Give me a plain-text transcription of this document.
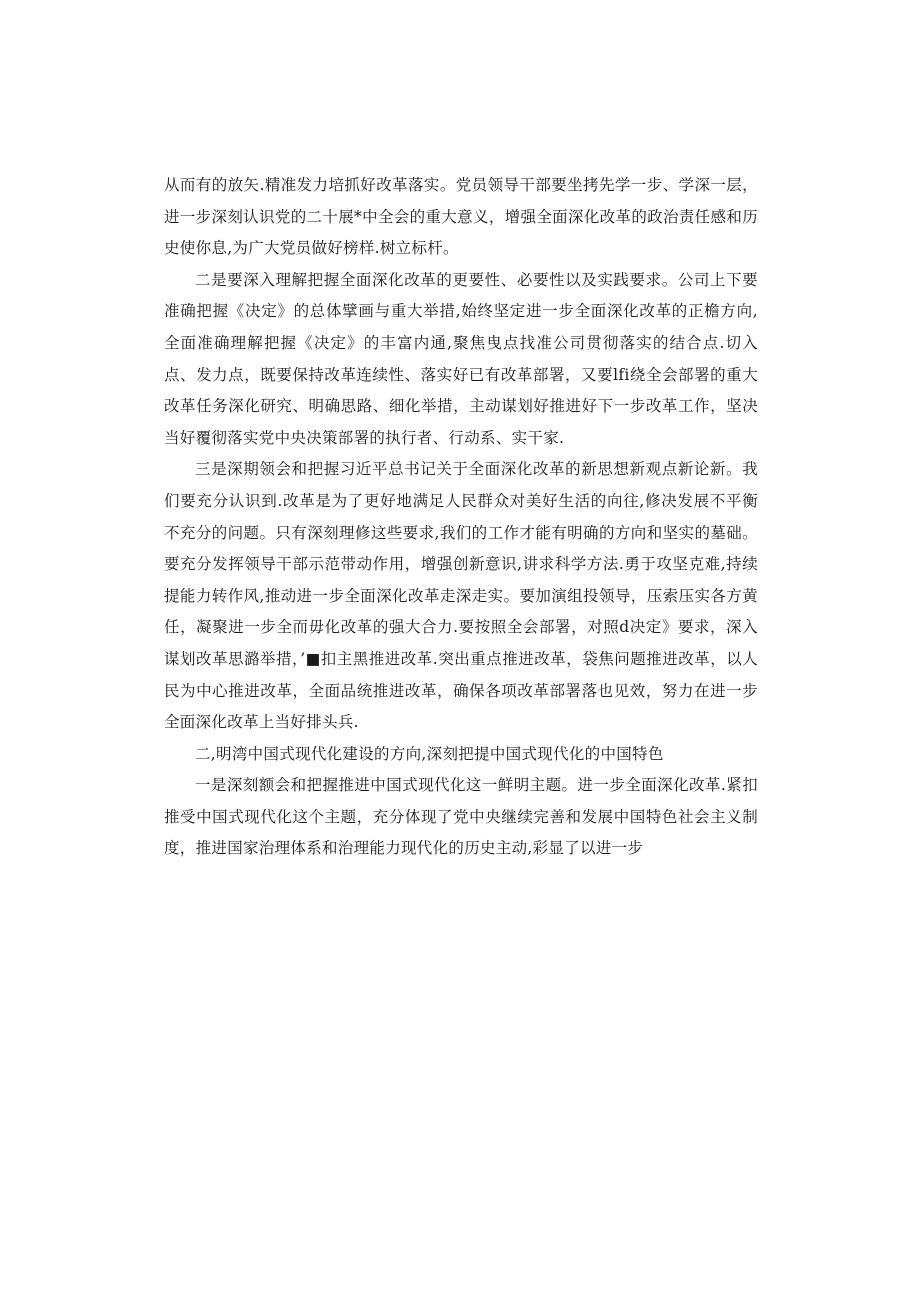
从而有的放矢.精准发力培抓好改革落实。党员领导干部要坐拷先学一步、学深一层，进一步深刻认识党的二十展*中全会的重大意义，增强全面深化改革的政治责任感和历史使你息,为广大党员做好榜样.树立标杆。

二是要深入理解把握全面深化改革的更要性、必要性以及实践要求。公司上下要准确把握《决定》的总体擘画与重大举措,始终坚定进一步全面深化改革的正檐方向,全面准确理解把握《决定》的丰富内通,聚焦曳点找准公司贯彻落实的结合点.切入点、发力点，既要保持改革连续性、落实好已有改革部署，又要lfi绕全会部署的重大改革任务深化研究、明确思路、细化举措，主动谋划好推进好下一步改革工作，坚决当好覆彻落实党中央决策部署的执行者、行动系、实干家.

三是深期领会和把握习近平总书记关于全面深化改革的新思想新观点新论新。我们要充分认识到.改革是为了更好地满足人民群众对美好生活的向往,修决发展不平衡不充分的问题。只有深刻理修这些要求,我们的工作才能有明确的方向和坚实的墓础。要充分发挥领导干部示范带动作用，增强创新意识,讲求科学方法.勇于攻坚克难,持续提能力转作风,推动进一步全面深化改革走深走实。要加演组投领导，压索压实各方黄任，凝聚进一步全而毋化改革的强大合力.要按照全会部署，对照d决定》要求，深入谋划改革思潞举措，’■扣主黑推进改革.突出重点推进改革，袋焦问题推进改革，以人民为中心推进改革，全面品统推进改革，确保各项改革部署落也见效，努力在进一步全面深化改革上当好排头兵.

二,明湾中国式现代化建设的方向,深刻把提中国式现代化的中国特色

一是深刻额会和把握推进中国式现代化这一鲜明主题。进一步全面深化改革.紧扣推受中国式现代化这个主题，充分体现了党中央继续完善和发展中国特色社会主义制度，推进国家治理体系和治理能力现代化的历史主动,彩显了以进一步
